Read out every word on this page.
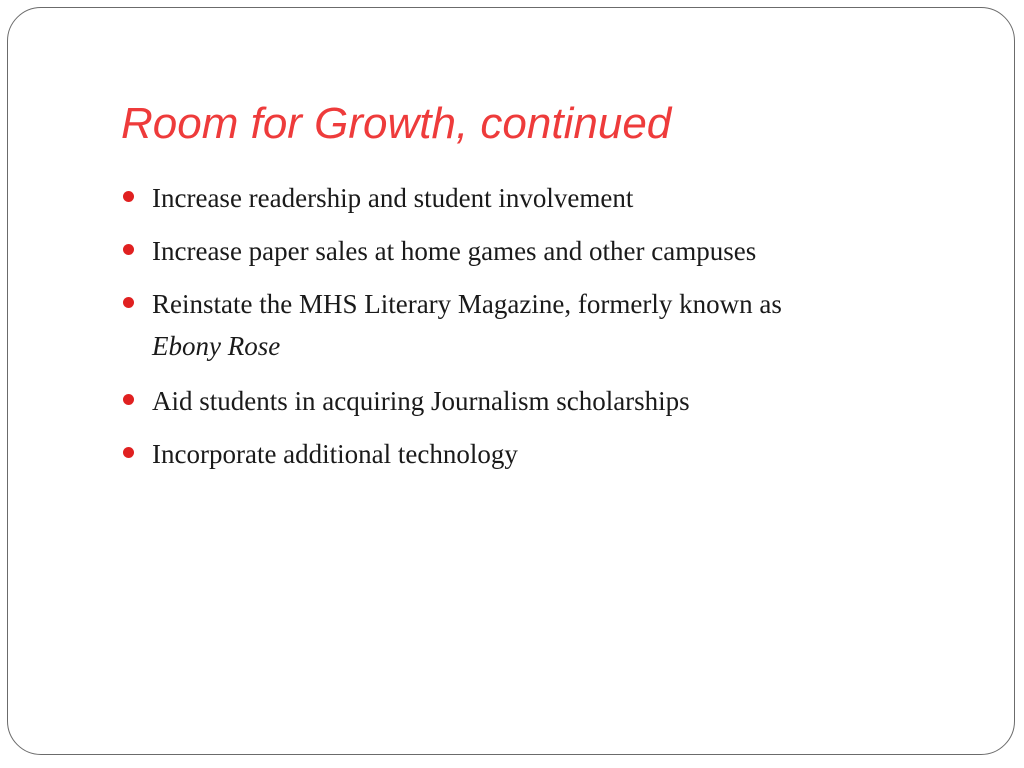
Room for Growth, continued
Increase readership and student involvement
Increase paper sales at home games and other campuses
Reinstate the MHS Literary Magazine, formerly known as
Ebony Rose
Aid students in acquiring Journalism scholarships
Incorporate additional technology
